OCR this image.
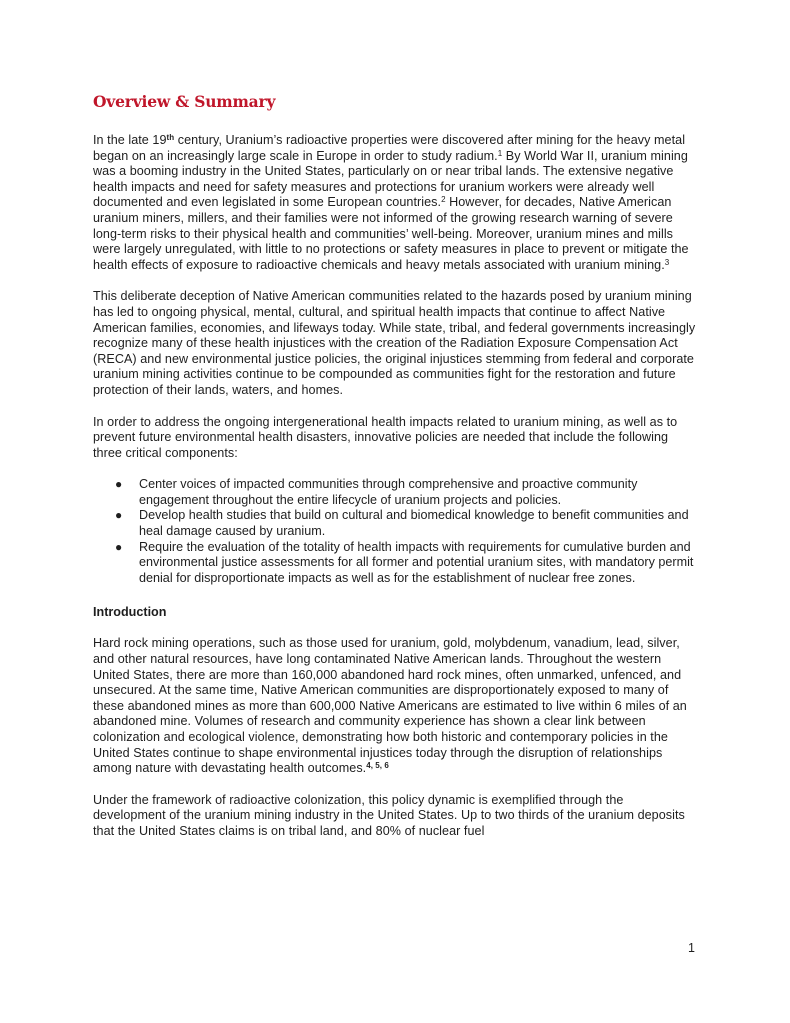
Overview & Summary

In the late 19th century, Uranium’s radioactive properties were discovered after mining for the heavy metal began on an increasingly large scale in Europe in order to study radium.$^1$ By World War II, uranium mining was a booming industry in the United States, particularly on or near tribal lands. The extensive negative health impacts and need for safety measures and protections for uranium workers were already well documented and even legislated in some European countries.$^2$ However, for decades, Native American uranium miners, millers, and their families were not informed of the growing research warning of severe long-term risks to their physical health and communities’ well-being. Moreover, uranium mines and mills were largely unregulated, with little to no protections or safety measures in place to prevent or mitigate the health effects of exposure to radioactive chemicals and heavy metals associated with uranium mining.$^3$

This deliberate deception of Native American communities related to the hazards posed by uranium mining has led to ongoing physical, mental, cultural, and spiritual health impacts that continue to affect Native American families, economies, and lifeways today. While state, tribal, and federal governments increasingly recognize many of these health injustices with the creation of the Radiation Exposure Compensation Act (RECA) and new environmental justice policies, the original injustices stemming from federal and corporate uranium mining activities continue to be compounded as communities fight for the restoration and future protection of their lands, waters, and homes.

In order to address the ongoing intergenerational health impacts related to uranium mining, as well as to prevent future environmental health disasters, innovative policies are needed that include the following three critical components:

● Center voices of impacted communities through comprehensive and proactive community engagement throughout the entire lifecycle of uranium projects and policies.
● Develop health studies that build on cultural and biomedical knowledge to benefit communities and heal damage caused by uranium.
● Require the evaluation of the totality of health impacts with requirements for cumulative burden and environmental justice assessments for all former and potential uranium sites, with mandatory permit denial for disproportionate impacts as well as for the establishment of nuclear free zones.
Introduction

Hard rock mining operations, such as those used for uranium, gold, molybdenum, vanadium, lead, silver, and other natural resources, have long contaminated Native American lands. Throughout the western United States, there are more than 160,000 abandoned hard rock mines, often unmarked, unfenced, and unsecured. At the same time, Native American communities are disproportionately exposed to many of these abandoned mines as more than 600,000 Native Americans are estimated to live within 6 miles of an abandoned mine. Volumes of research and community experience has shown a clear link between colonization and ecological violence, demonstrating how both historic and contemporary policies in the United States continue to shape environmental injustices today through the disruption of relationships among nature with devastating health outcomes.$^{4, 5, 6}$

Under the framework of radioactive colonization, this policy dynamic is exemplified through the development of the uranium mining industry in the United States. Up to two thirds of the uranium deposits that the United States claims is on tribal land, and 80% of nuclear fuel

1
